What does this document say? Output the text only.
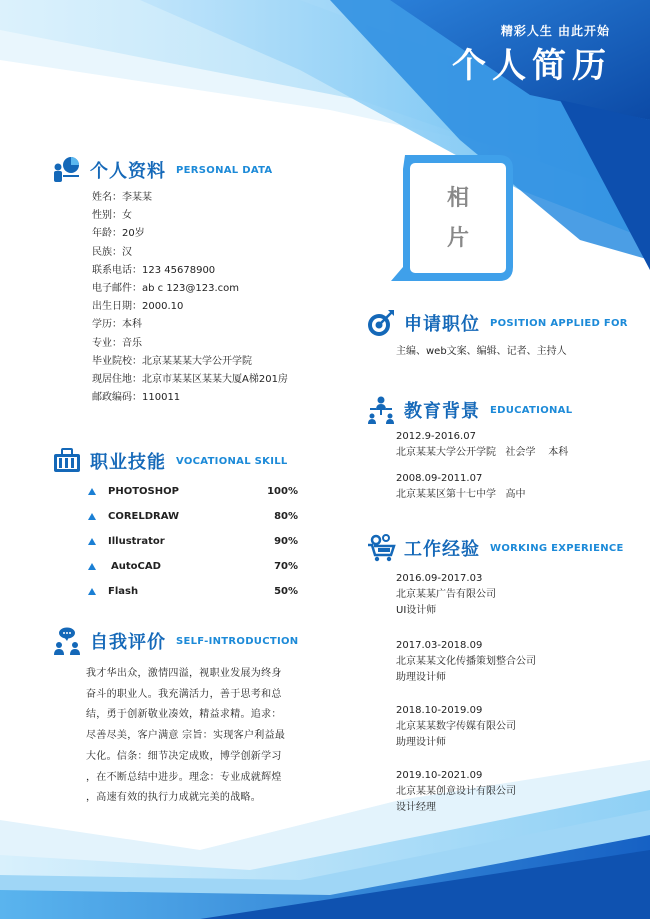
精彩人生 由此开始
个人简历
相
片
个人资料 PERSONAL DATA
姓名：李某某
性别：女
年龄：20岁
民族：汉
联系电话：123 45678900
电子邮件：ab c 123@123.com
出生日期：2000.10
学历：本科
专业：音乐
毕业院校：北京某某某大学公开学院
现居住地：北京市某某区某某大厦A梯201房
邮政编码：110011
职业技能 VOCATIONAL SKILL
PHOTOSHOP	100%
CORELDRAW	80%
Illustrator	90%
AutoCAD	70%
Flash	50%
自我评价 SELF-INTRODUCTION
我才华出众，激情四溢，视职业发展为终身
奋斗的职业人。我充满活力，善于思考和总
结，勇于创新敬业凑效，精益求精。追求：
尽善尽美，客户满意 宗旨：实现客户利益最
大化。信条：细节决定成败，博学创新学习
，在不断总结中进步。理念：专业成就辉煌
，高速有效的执行力成就完美的战略。
申请职位 POSITION APPLIED FOR
主编、web文案、编辑、记者、主持人
教育背景 EDUCATIONAL
2012.9-2016.07
北京某某大学公开学院   社会学    本科
2008.09-2011.07
北京某某区第十七中学   高中
工作经验 WORKING EXPERIENCE
2016.09-2017.03
北京某某广告有限公司
UI设计师
2017.03-2018.09
北京某某文化传播策划整合公司
助理设计师
2018.10-2019.09
北京某某数字传媒有限公司
助理设计师
2019.10-2021.09
北京某某创意设计有限公司
设计经理
